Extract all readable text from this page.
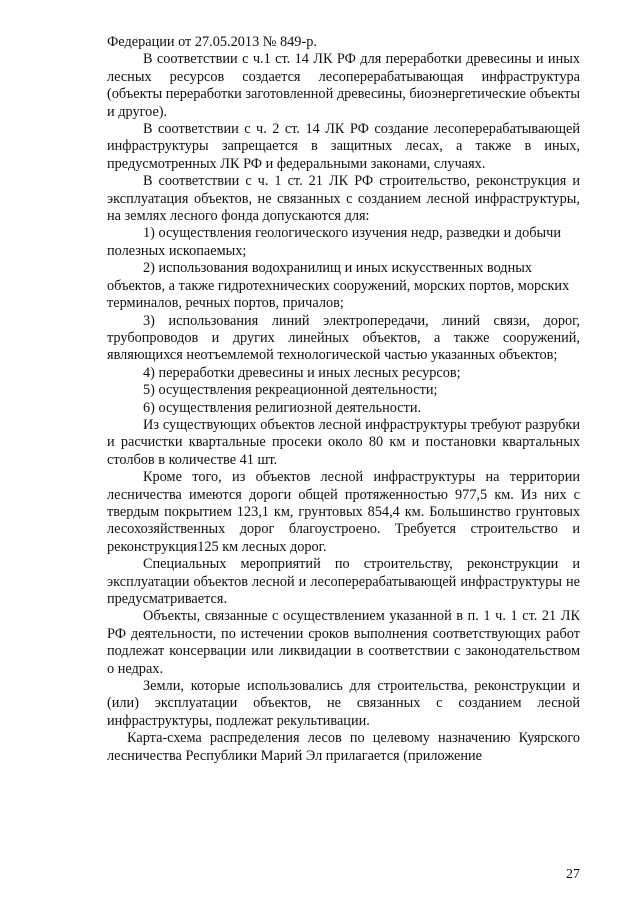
Федерации от 27.05.2013 № 849-р.

В соответствии с ч.1 ст. 14 ЛК РФ для переработки древесины и иных лесных ресурсов создается лесоперерабатывающая инфраструктура (объекты переработки заготовленной древесины, биоэнергетические объекты и другое).

В соответствии с ч. 2 ст. 14 ЛК РФ создание лесоперерабатывающей инфраструктуры запрещается в защитных лесах, а также в иных, предусмотренных ЛК РФ и федеральными законами, случаях.

В соответствии с ч. 1 ст. 21 ЛК РФ строительство, реконструкция и эксплуатация объектов, не связанных с созданием лесной инфраструктуры, на землях лесного фонда допускаются для:

1) осуществления геологического изучения недр, разведки и добычи полезных ископаемых;

2) использования водохранилищ и иных искусственных водных объектов, а также гидротехнических сооружений, морских портов, морских терминалов, речных портов, причалов;

3) использования линий электропередачи, линий связи, дорог, трубопроводов и других линейных объектов, а также сооружений, являющихся неотъемлемой технологической частью указанных объектов;

4) переработки древесины и иных лесных ресурсов;

5) осуществления рекреационной деятельности;

6) осуществления религиозной деятельности.

Из существующих объектов лесной инфраструктуры требуют разрубки и расчистки квартальные просеки около 80 км и постановки квартальных столбов в количестве 41 шт.

Кроме того, из объектов лесной инфраструктуры на территории лесничества имеются дороги общей протяженностью 977,5 км. Из них с твердым покрытием 123,1 км, грунтовых 854,4 км. Большинство грунтовых лесохозяйственных дорог благоустроено. Требуется строительство и реконструкция125 км лесных дорог.

Специальных мероприятий по строительству, реконструкции и эксплуатации объектов лесной и лесоперерабатывающей инфраструктуры не предусматривается.

Объекты, связанные с осуществлением указанной в п. 1 ч. 1 ст. 21 ЛК РФ деятельности, по истечении сроков выполнения соответствующих работ подлежат консервации или ликвидации в соответствии с законодательством о недрах.

Земли, которые использовались для строительства, реконструкции и (или) эксплуатации объектов, не связанных с созданием лесной инфраструктуры, подлежат рекультивации.

Карта-схема распределения лесов по целевому назначению Куярского лесничества Республики Марий Эл прилагается (приложение

27
